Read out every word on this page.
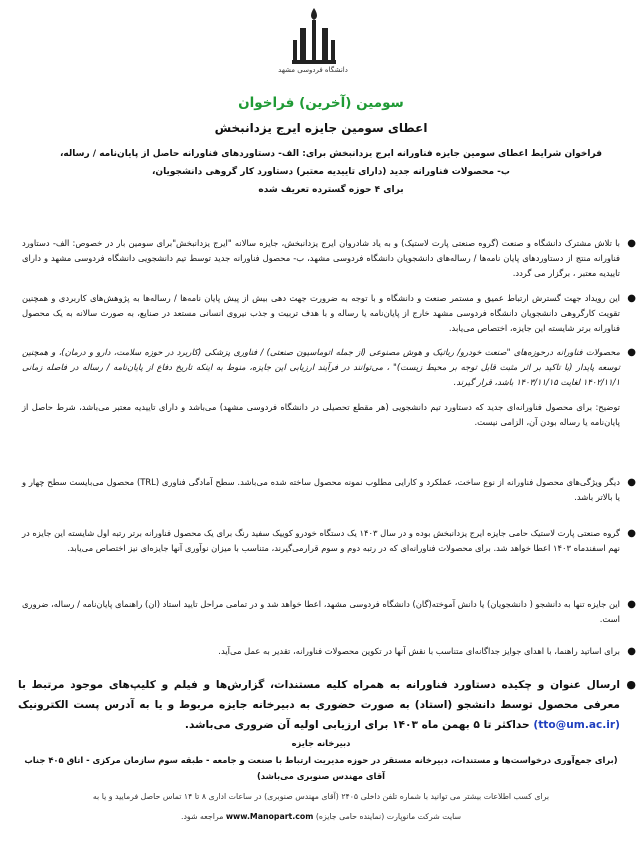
دانشگاه فردوسی مشهد
سومین (آخرین) فراخوان
اعطای سومین جایزه ایرج یزدانبخش
فراخوان شرایط اعطای سومین جایزه فناورانه ایرج یزدانبخش برای: الف- دستاوردهای فناورانه حاصل از پایان‌نامه / رساله،
ب- محصولات فناورانه جدید (دارای تاییدیه معتبر) دستاورد کار گروهی دانشجویان،
برای ۴ حوزه گسترده تعریف شده
● با تلاش مشترک دانشگاه و صنعت (گروه صنعتی پارت لاستیک) و به یاد شادروان ایرج یزدانبخش، جایزه سالانه "ایرج یزدانبخش"برای سومین بار در خصوص: الف- دستاورد فناورانه منتج از دستاوردهای پایان نامه‌ها / رساله‌های دانشجویان دانشگاه فردوسی مشهد، ب- محصول فناورانه جدید توسط تیم دانشجویی دانشگاه فردوسی مشهد و دارای تاییدیه معتبر ، برگزار می گردد.
● این رویداد جهت گسترش ارتباط عمیق و مستمر صنعت و دانشگاه و با توجه به ضرورت جهت دهی بیش از پیش پایان نامه‌ها / رساله‌ها به پژوهش‌های کاربردی و همچنین تقویت کارگروهی دانشجویان دانشگاه فردوسی مشهد خارج از پایان‌نامه یا رساله و با هدف تربیت و جذب نیروی انسانی مستعد در صنایع، به صورت سالانه به یک محصول فناورانه برتر شایسته این جایزه، اختصاص می‌یابد.
● محصولات فناورانه درحوزه‌های "صنعت خودرو/ رباتیک و هوش مصنوعی (از جمله اتوماسیون صنعتی) / فناوری پزشکی (کاربرد در حوزه سلامت، دارو و درمان)، و همچنین توسعه پایدار (با تاکید بر اثر مثبت قابل توجه بر محیط زیست)" ، می‌توانند در فرآیند ارزیابی این جایزه، منوط به اینکه تاریخ دفاع از پایان‌نامه / رساله در فاصله زمانی ۱۴۰۲/۱۱/۱ لغایت ۱۴۰۳/۱۱/۱۵ باشد، قرار گیرند.
توضیح: برای محصول فناورانه‌ای جدید که دستاورد تیم دانشجویی (هر مقطع تحصیلی در دانشگاه فردوسی مشهد) می‌باشد و دارای تاییدیه معتبر می‌باشد، شرط حاصل از پایان‌نامه یا رساله بودن آن، الزامی نیست.
● دیگر ویژگی‌های محصول فناورانه از نوع ساخت، عملکرد و کارایی مطلوب نمونه محصول ساخته شده می‌باشد. سطح آمادگی فناوری (TRL) محصول می‌بایست سطح چهار و یا بالاتر باشد.
● گروه صنعتی پارت لاستیک حامی جایزه ایرج یزدانبخش بوده و در سال ۱۴۰۳ یک دستگاه خودرو کوییک سفید رنگ برای یک محصول فناورانه برتر رتبه اول شایسته این جایزه در نهم اسفندماه ۱۴۰۳ اعطا خواهد شد. برای محصولات فناورانه‌ای که در رتبه دوم و سوم قرارمی‌گیرند، متناسب با میزان نوآوری آنها جایزه‌ای نیز اختصاص می‌یابد.
● این جایزه تنها به دانشجو ( دانشجویان) یا دانش آموخته(گان) دانشگاه فردوسی مشهد، اعطا خواهد شد و در تمامی مراحل تایید استاد (ان) راهنمای پایان‌نامه / رساله، ضروری است.
● برای اساتید راهنما، با اهدای جوایز جداگانه‌ای متناسب با نقش آنها در تکوین محصولات فناورانه، تقدیر به عمل می‌آید.
● ارسال عنوان و چکیده دستاورد فناورانه به همراه کلیه مستندات، گزارش‌ها و فیلم و کلیپ‌های موجود مرتبط با معرفی محصول توسط دانشجو (استاد) به صورت حضوری به دبیرخانه جایزه مربوط و یا به آدرس پست الکترونیک (tto@um.ac.ir) حداکثر تا ۵ بهمن ماه ۱۴۰۳ برای ارزیابی اولیه آن ضروری می‌باشد.
دبیرخانه جایزه
(برای جمع‌آوری درخواست‌ها و مستندات، دبیرخانه مستقر در حوزه مدیریت ارتباط با صنعت و جامعه - طبقه سوم سازمان مرکزی - اتاق ۴۰۵ جناب آقای مهندس صنوبری می‌باشد)
برای کسب اطلاعات بیشتر می توانید با شماره تلفن داخلی ۲۴۰۵ (آقای مهندس صنوبری) در ساعات اداری ۸ تا ۱۴ تماس حاصل فرمایید و یا به
سایت شرکت مانوپارت (نماینده حامی جایزه) www.Manopart.com مراجعه شود.
